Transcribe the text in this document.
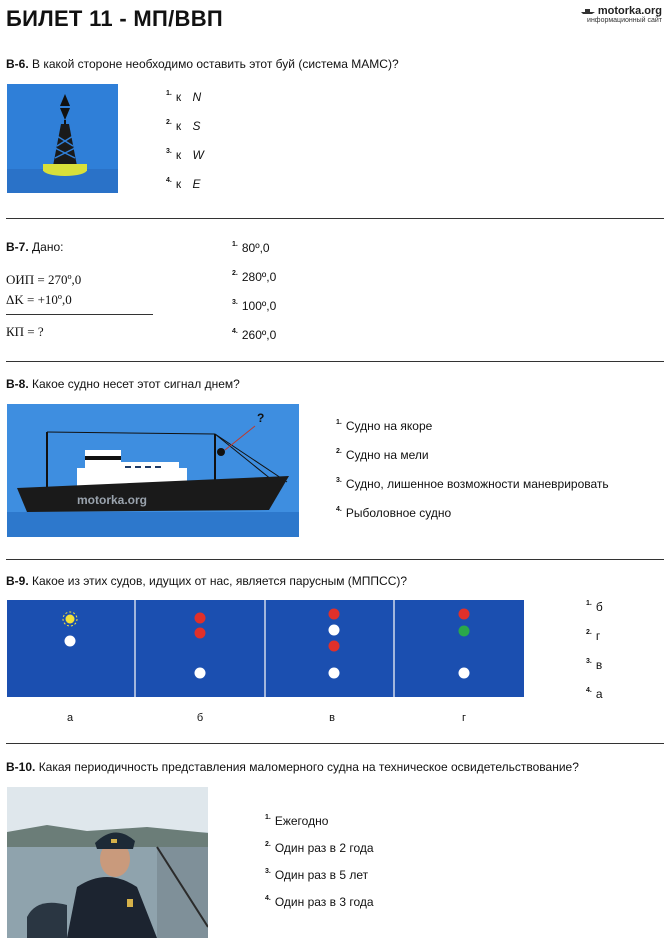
БИЛЕТ 11 - МП/ВВП	motorka.org
информационный сайт
В-6. В какой стороне необходимо оставить этот буй (система МАМС)?
$^{1.}$ к N
$^{2.}$ к S
$^{3.}$ к W
$^{4.}$ к E
В-7. Дано:
ОИП = 270º,0
ΔK = +10º,0
КП = ?
$^{1.}$ 80º,0
$^{2.}$ 280º,0
$^{3.}$ 100º,0
$^{4.}$ 260º,0
В-8. Какое судно несет этот сигнал днем?
?
motorka.org
$^{1.}$ Судно на якоре
$^{2.}$ Судно на мели
$^{3.}$ Судно, лишенное возможности маневрировать
$^{4.}$ Рыболовное судно
В-9. Какое из этих судов, идущих от нас, является парусным (МППСС)?
а	б	в	г
$^{1.}$ б
$^{2.}$ г
$^{3.}$ в
$^{4.}$ а
В-10. Какая периодичность представления маломерного судна на техническое освидетельствование?
$^{1.}$ Ежегодно
$^{2.}$ Один раз в 2 года
$^{3.}$ Один раз в 5 лет
$^{4.}$ Один раз в 3 года
